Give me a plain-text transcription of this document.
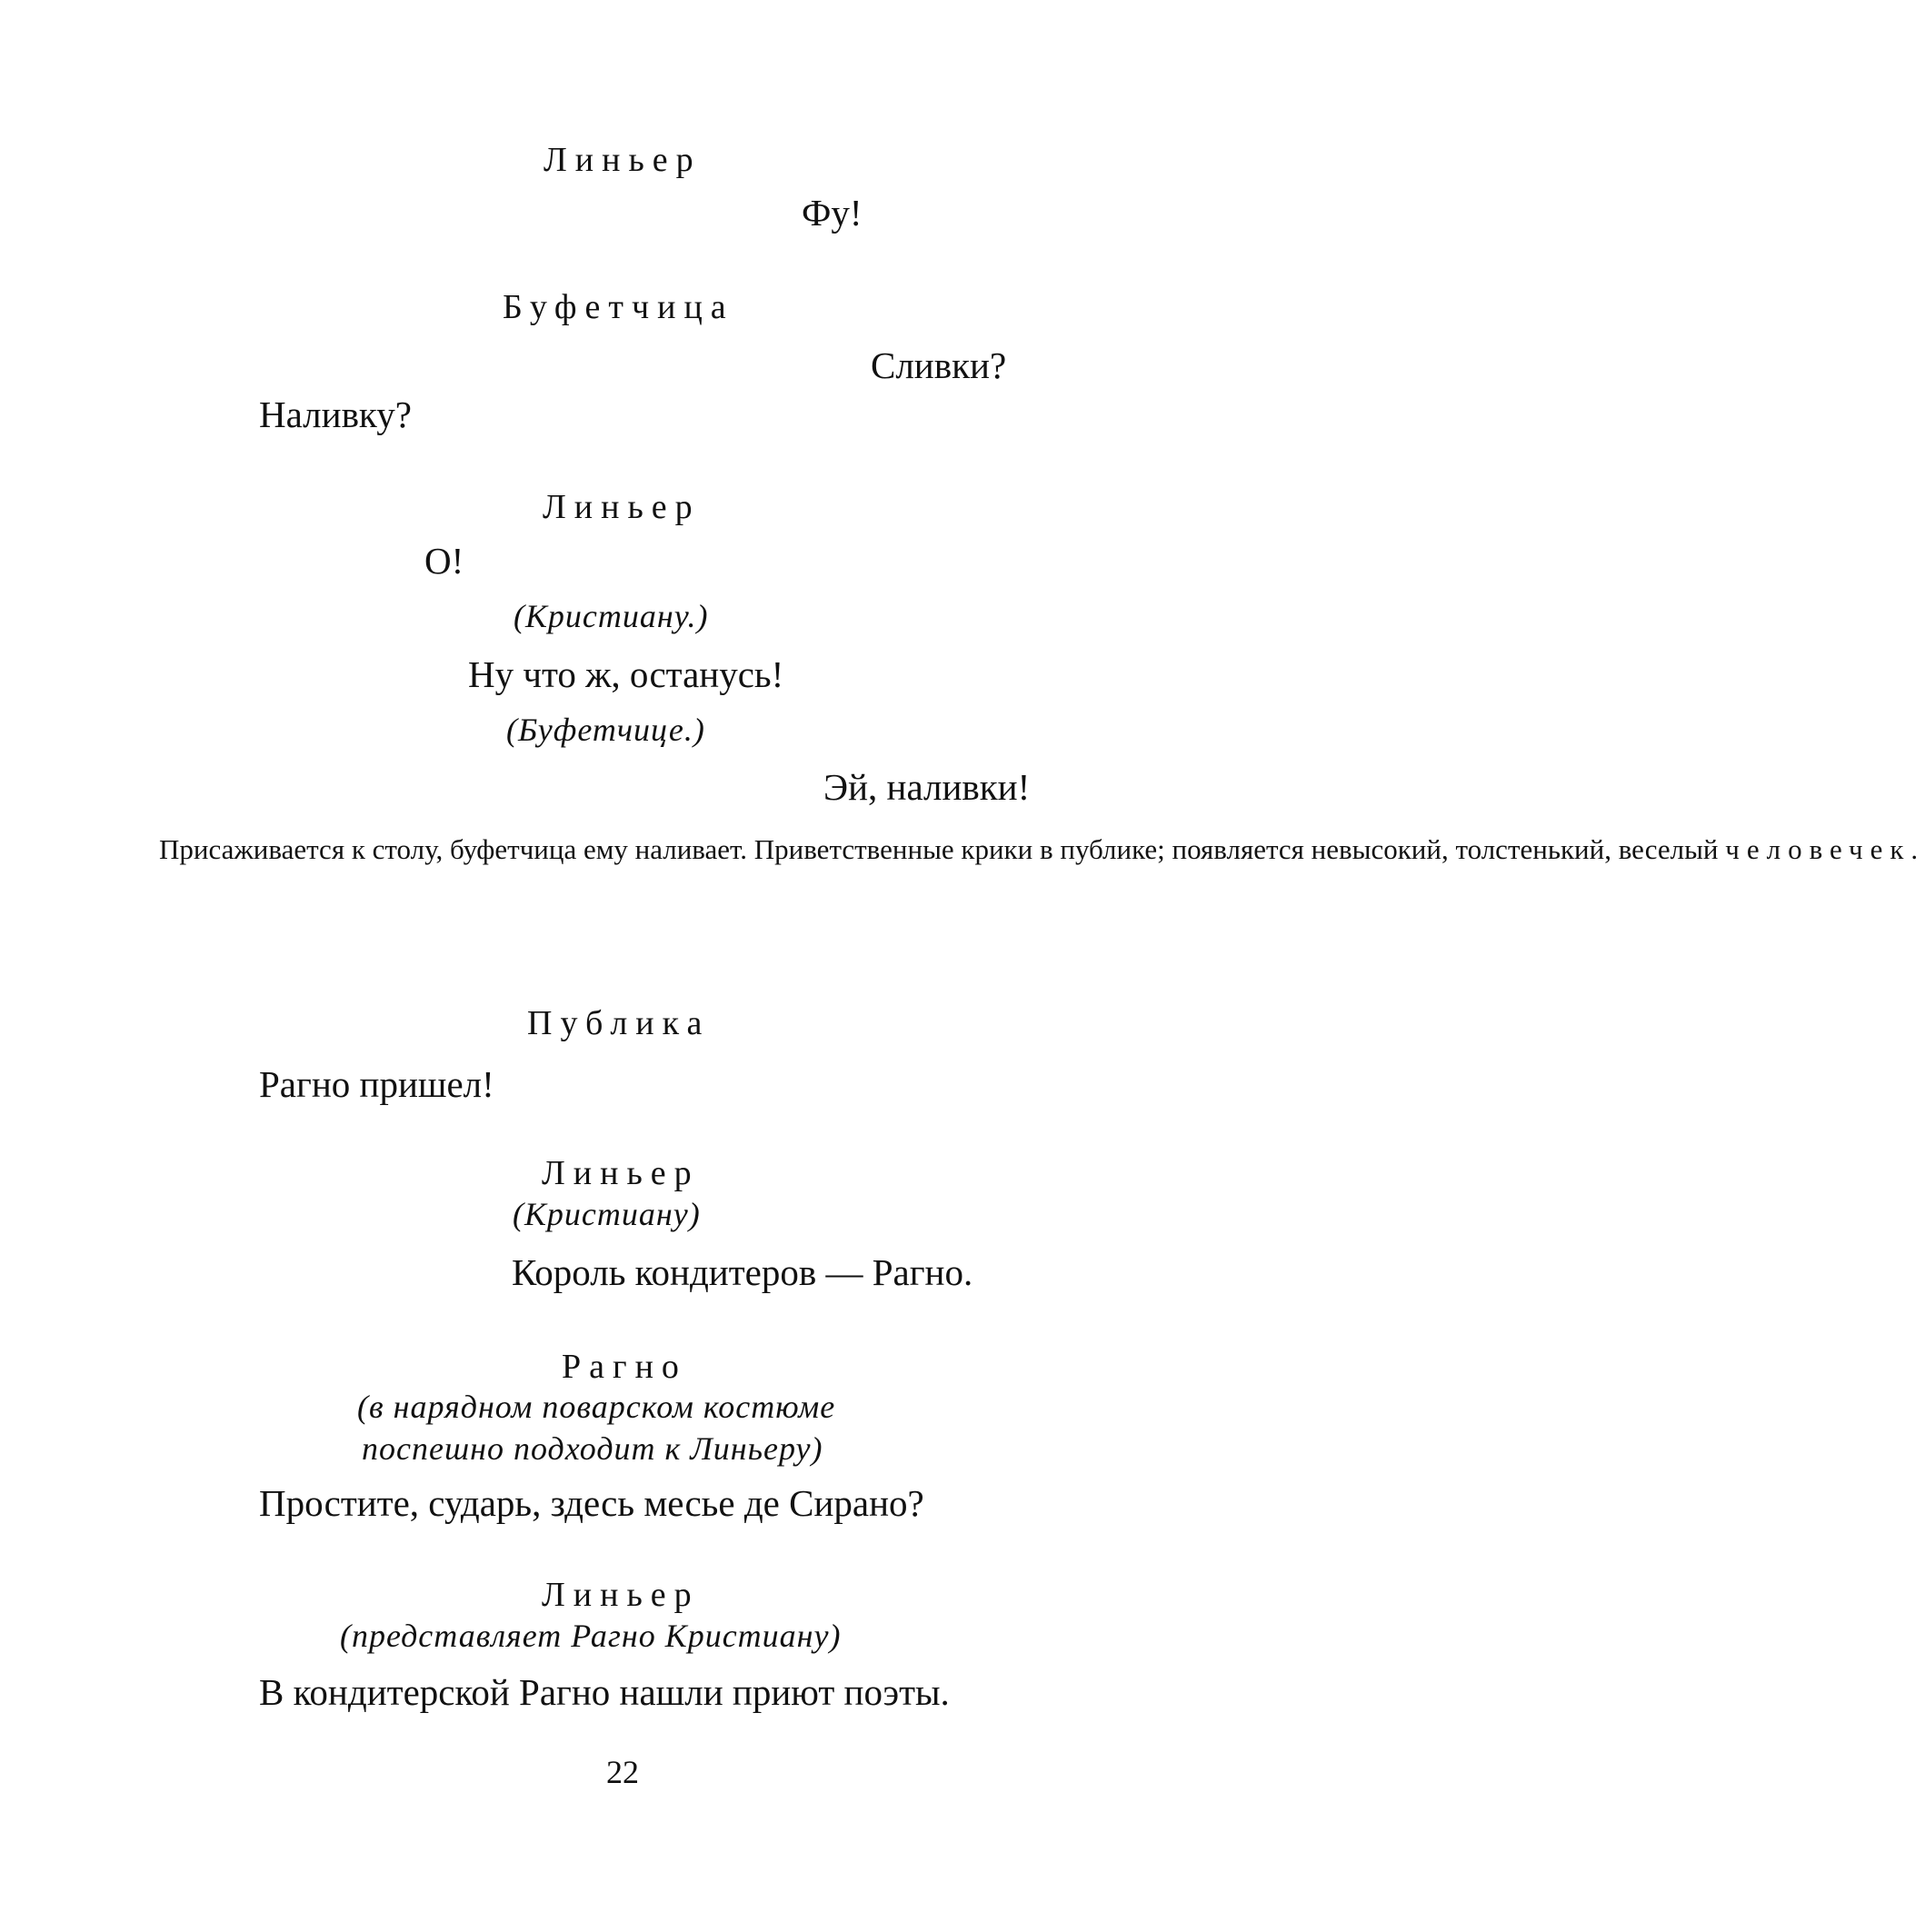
Линьер
Фу!
Буфетчица
Сливки?
Наливку?
Линьер
О!
(Кристиану.)
Ну что ж, останусь!
(Буфетчице.)
Эй, наливки!
Присаживается к столу, буфетчица ему наливает. Приветственные крики в публике; появляется невысокий, толстенький, веселый человечек.
Публика
Рагно пришел!
Линьер
(Кристиану)
Король кондитеров — Рагно.
Рагно
(в нарядном поварском костюме
поспешно подходит к Линьеру)
Простите, сударь, здесь месье де Сирано?
Линьер
(представляет Рагно Кристиану)
В кондитерской Рагно нашли приют поэты.
22
